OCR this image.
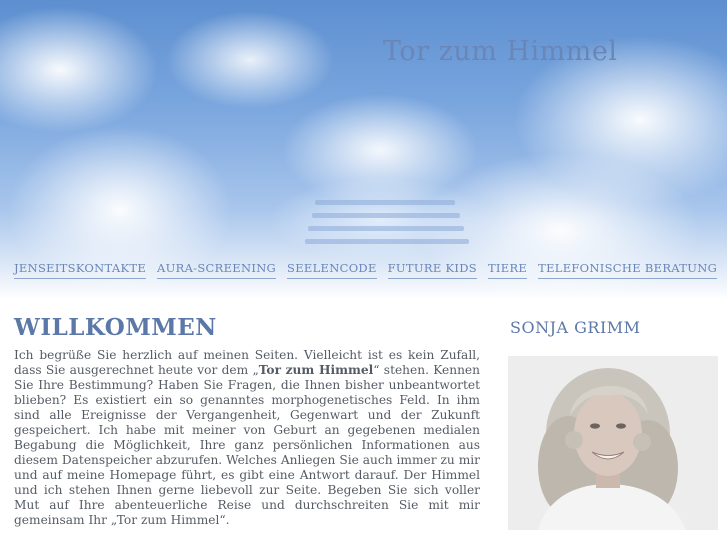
Tor zum Himmel
JENSEITSKONTAKTE AURA-SCREENING SEELENCODE FUTURE KIDS TIERE TELEFONISCHE BERATUNG
WILLKOMMEN

Ich begrüße Sie herzlich auf meinen Seiten. Vielleicht ist es kein Zufall, dass Sie ausgerechnet heute vor dem „Tor zum Himmel“ stehen. Kennen Sie Ihre Bestimmung? Haben Sie Fragen, die Ihnen bisher unbeantwortet blieben? Es existiert ein so genanntes morphogenetisches Feld. In ihm sind alle Ereignisse der Vergangenheit, Gegenwart und der Zukunft gespeichert. Ich habe mit meiner von Geburt an gegebenen medialen Begabung die Möglichkeit, Ihre ganz persönlichen Informationen aus diesem Datenspeicher abzurufen. Welches Anliegen Sie auch immer zu mir und auf meine Homepage führt, es gibt eine Antwort darauf. Der Himmel und ich stehen Ihnen gerne liebevoll zur Seite. Begeben Sie sich voller Mut auf Ihre abenteuerliche Reise und durchschreiten Sie mit mir gemeinsam Ihr „Tor zum Himmel“.

SONJA GRIMM
